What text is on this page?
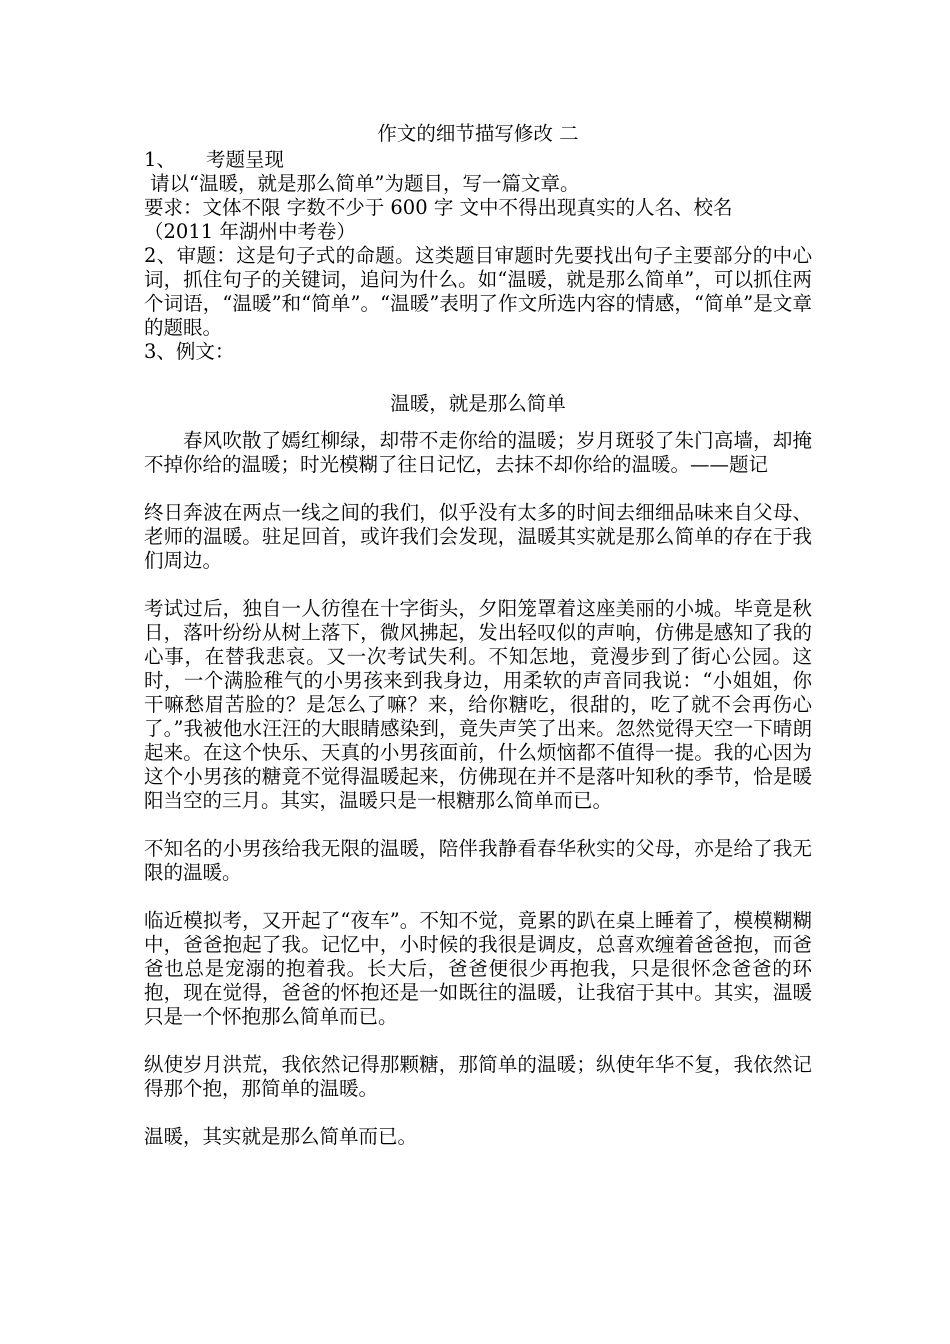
作文的细节描写修改 二
1、	考题呈现
请以“温暖，就是那么简单”为题目，写一篇文章。
要求：文体不限 字数不少于 600 字 文中不得出现真实的人名、校名
（2011 年湖州中考卷）
2、审题：这是句子式的命题。这类题目审题时先要找出句子主要部分的中心词，抓住句子的关键词，追问为什么。如“温暖，就是那么简单”，可以抓住两个词语，“温暖”和“简单”。“温暖”表明了作文所选内容的情感，“简单”是文章的题眼。
3、例文：
温暖，就是那么简单

春风吹散了嫣红柳绿，却带不走你给的温暖；岁月斑驳了朱门高墙，却掩不掉你给的温暖；时光模糊了往日记忆，去抹不却你给的温暖。——题记

终日奔波在两点一线之间的我们，似乎没有太多的时间去细细品味来自父母、老师的温暖。驻足回首，或许我们会发现，温暖其实就是那么简单的存在于我们周边。

考试过后，独自一人彷徨在十字街头，夕阳笼罩着这座美丽的小城。毕竟是秋日，落叶纷纷从树上落下，微风拂起，发出轻叹似的声响，仿佛是感知了我的心事，在替我悲哀。又一次考试失利。不知怎地，竟漫步到了街心公园。这时，一个满脸稚气的小男孩来到我身边，用柔软的声音同我说：“小姐姐，你干嘛愁眉苦脸的？是怎么了嘛？来，给你糖吃，很甜的，吃了就不会再伤心了。”我被他水汪汪的大眼睛感染到，竟失声笑了出来。忽然觉得天空一下晴朗起来。在这个快乐、天真的小男孩面前，什么烦恼都不值得一提。我的心因为这个小男孩的糖竟不觉得温暖起来，仿佛现在并不是落叶知秋的季节，恰是暖阳当空的三月。其实，温暖只是一根糖那么简单而已。

不知名的小男孩给我无限的温暖，陪伴我静看春华秋实的父母，亦是给了我无限的温暖。

临近模拟考，又开起了“夜车”。不知不觉，竟累的趴在桌上睡着了，模模糊糊中，爸爸抱起了我。记忆中，小时候的我很是调皮，总喜欢缠着爸爸抱，而爸爸也总是宠溺的抱着我。长大后，爸爸便很少再抱我，只是很怀念爸爸的环抱，现在觉得，爸爸的怀抱还是一如既往的温暖，让我宿于其中。其实，温暖只是一个怀抱那么简单而已。

纵使岁月洪荒，我依然记得那颗糖，那简单的温暖；纵使年华不复，我依然记得那个抱，那简单的温暖。

温暖，其实就是那么简单而已。
